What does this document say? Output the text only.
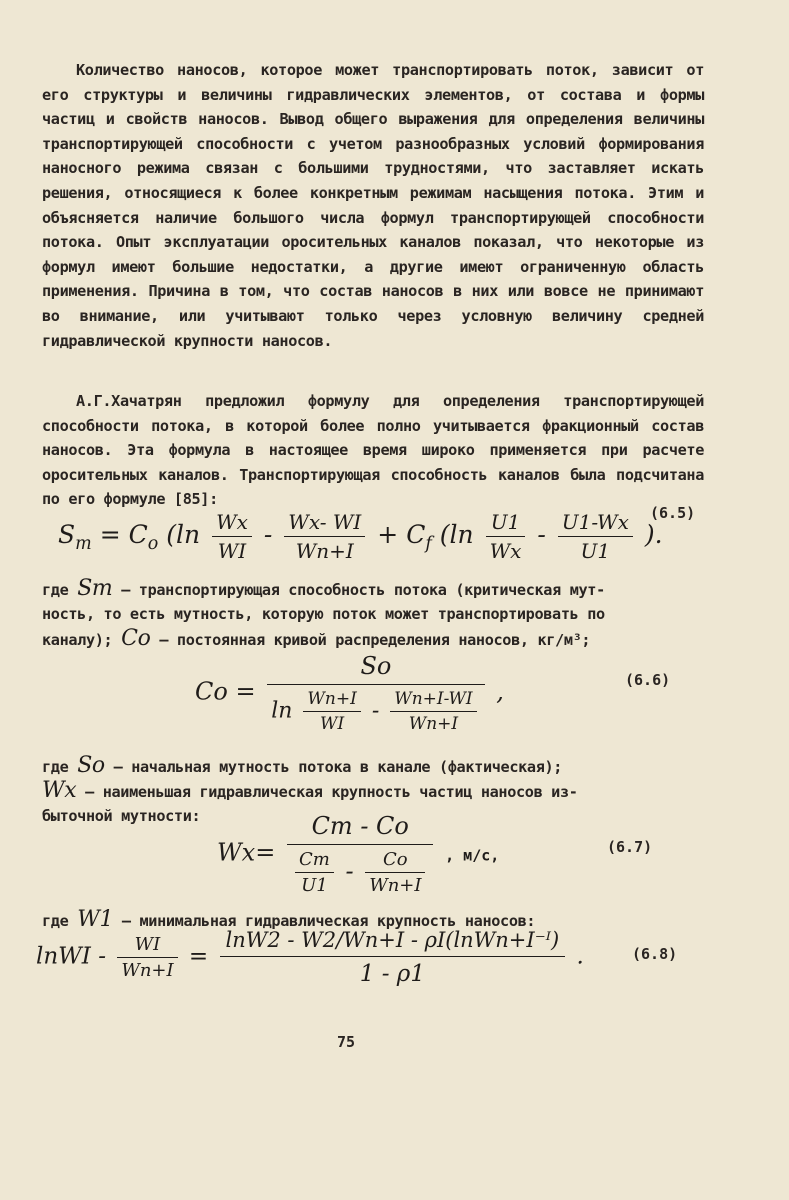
Количество наносов, которое может транспортировать поток, зависит от его структуры и величины гидравлических элементов, от состава и формы частиц и свойств наносов. Вывод общего выражения для определения величины транспортирующей способности с учетом разнообразных условий формирования наносного режима связан с большими трудностями, что заставляет искать решения, относящиеся к более конкретным режимам насыщения потока. Этим и объясняется наличие большого числа формул транспортирующей способности потока. Опыт эксплуатации оросительных каналов показал, что некоторые из формул имеют большие недостатки, а другие имеют ограниченную область применения. Причина в том, что состав наносов в них или вовсе не принимают во внимание, или учитывают только через условную величину средней гидравлической крупности наносов.

А.Г.Хачатрян предложил формулу для определения транспортирующей способности потока, в которой более полно учитывается фракционный состав наносов. Эта формула в настоящее время широко применяется при расчете оросительных каналов. Транспортирующая способность каналов была подсчитана по его формуле [85]:

$S_т = C_o$ ($\ln \frac{Wx}{WI} - \frac{Wx- WI}{Wn+I} + C_f$ ($\ln \frac{U1}{Wx} - \frac{U1-Wx}{U1}$ ).
(6.5)
где Sт – транспортирующая способность потока (критическая мут-
ность, то есть мутность, которую поток может транспортировать по
каналу); Co – постоянная кривой распределения наносов, кг/м³;
Co =
So
$\ln \frac{Wn+I}{WI} - \frac{Wn+I-WI}{Wn+I}$ ,	(6.6)
где So – начальная мутность потока в канале (фактическая);
Wx – наименьшая гидравлическая крупность частиц наносов из-
быточной мутности:
Wx=
Cт - Co
$\frac{Cт}{U1} - \frac{Co}{Wn+I}$ , м/с,	(6.7)
где W1 – минимальная гидравлическая крупность наносов:
lnWI - $\frac{WI}{Wn+I} = \frac{\text{lnW2 - W2/Wn+I - ρI(lnWn+I⁻ᴵ)}}{1 - \rho 1}$ .	(6.8)
75
